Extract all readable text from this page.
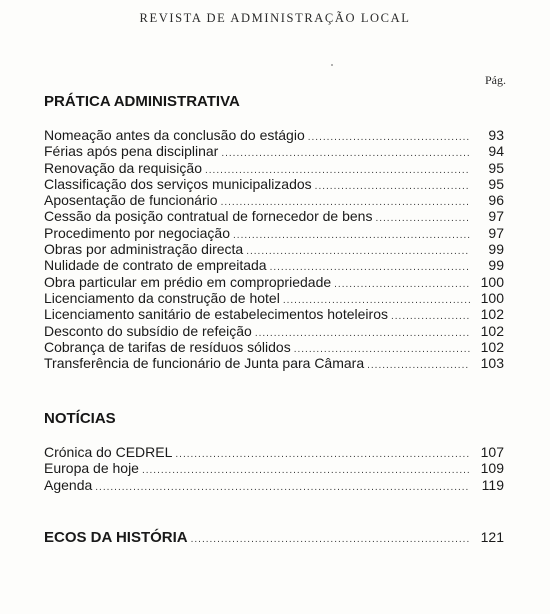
REVISTA DE ADMINISTRAÇÃO LOCAL
Pág.
PRÁTICA ADMINISTRATIVA
Nomeação antes da conclusão do estágio .....	93
Férias após pena disciplinar .....	94
Renovação da requisição .....	95
Classificação dos serviços municipalizados .....	95
Aposentação de funcionário .....	96
Cessão da posição contratual de fornecedor de bens .....	97
Procedimento por negociação .....	97
Obras por administração directa .....	99
Nulidade de contrato de empreitada .....	99
Obra particular em prédio em compropriedade .....	100
Licenciamento da construção de hotel .....	100
Licenciamento sanitário de estabelecimentos hoteleiros .....	102
Desconto do subsídio de refeição .....	102
Cobrança de tarifas de resíduos sólidos .....	102
Transferência de funcionário de Junta para Câmara .....	103
NOTÍCIAS
Crónica do CEDREL .....	107
Europa de hoje .....	109
Agenda .....	119
ECOS DA HISTÓRIA .....	121
